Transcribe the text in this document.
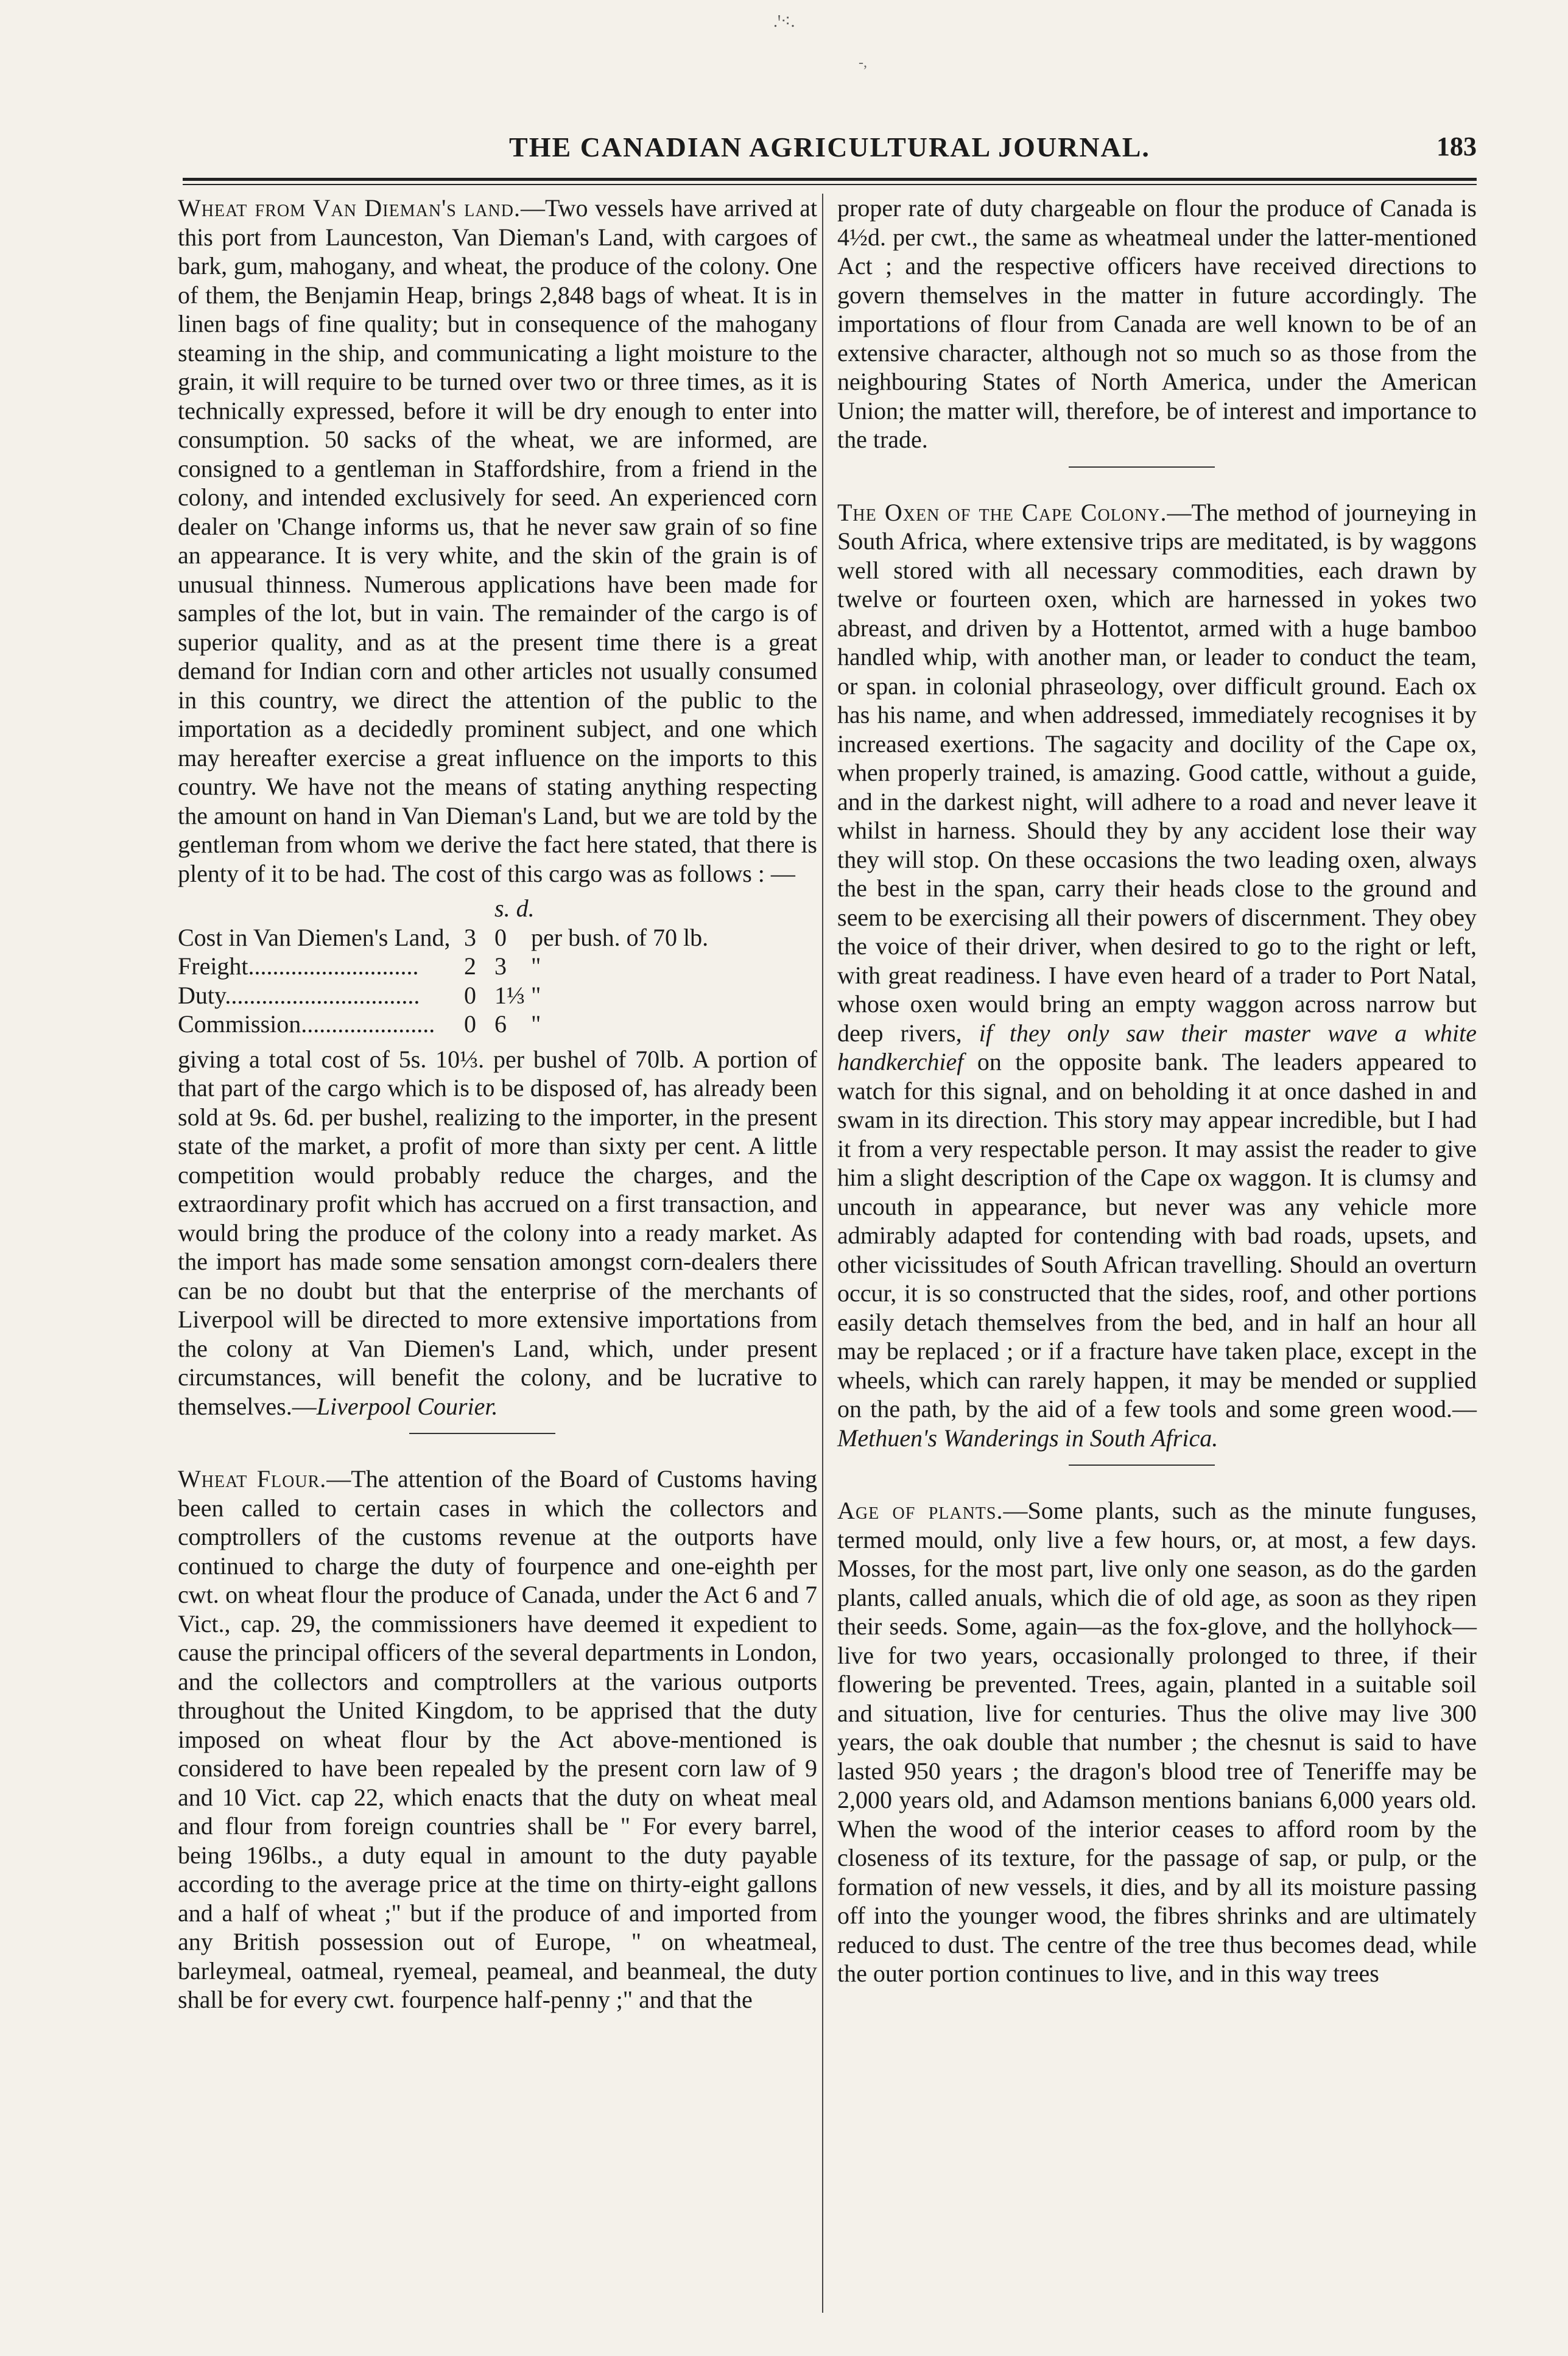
.ꞌ⁖.
-,
THE CANADIAN AGRICULTURAL JOURNAL.	183

Wheat from Van Dieman's land.—Two vessels have arrived at this port from Launceston, Van Dieman's Land, with cargoes of bark, gum, mahogany, and wheat, the produce of the colony. One of them, the Benjamin Heap, brings 2,848 bags of wheat. It is in linen bags of fine quality; but in consequence of the mahogany steaming in the ship, and communicating a light moisture to the grain, it will require to be turned over two or three times, as it is technically expressed, before it will be dry enough to enter into consumption. 50 sacks of the wheat, we are informed, are consigned to a gentleman in Staffordshire, from a friend in the colony, and intended exclusively for seed. An experienced corn dealer on 'Change informs us, that he never saw grain of so fine an appearance. It is very white, and the skin of the grain is of unusual thinness. Numerous applications have been made for samples of the lot, but in vain. The remainder of the cargo is of superior quality, and as at the present time there is a great demand for Indian corn and other articles not usually consumed in this country, we direct the attention of the public to the importation as a decidedly prominent subject, and one which may hereafter exercise a great influence on the imports to this country. We have not the means of stating anything respecting the amount on hand in Van Dieman's Land, but we are told by the gentleman from whom we derive the fact here stated, that there is plenty of it to be had. The cost of this cargo was as follows : —

s. d.
Cost in Van Diemen's Land, 3 0	per bush. of 70 lb.
Freight............................	2 3	"
Duty................................	0 1⅓ "
Commission......................	0 6	"

giving a total cost of 5s. 10⅓. per bushel of 70lb. A portion of that part of the cargo which is to be disposed of, has already been sold at 9s. 6d. per bushel, realizing to the importer, in the present state of the market, a profit of more than sixty per cent. A little competition would probably reduce the charges, and the extraordinary profit which has accrued on a first transaction, and would bring the produce of the colony into a ready market. As the import has made some sensation amongst corn-dealers there can be no doubt but that the enterprise of the merchants of Liverpool will be directed to more extensive importations from the colony at Van Diemen's Land, which, under present circumstances, will benefit the colony, and be lucrative to themselves.—Liverpool Courier.

Wheat Flour.—The attention of the Board of Customs having been called to certain cases in which the collectors and comptrollers of the customs revenue at the outports have continued to charge the duty of fourpence and one-eighth per cwt. on wheat flour the produce of Canada, under the Act 6 and 7 Vict., cap. 29, the commissioners have deemed it expedient to cause the principal officers of the several departments in London, and the collectors and comptrollers at the various outports throughout the United Kingdom, to be apprised that the duty imposed on wheat flour by the Act above-mentioned is considered to have been repealed by the present corn law of 9 and 10 Vict. cap 22, which enacts that the duty on wheat meal and flour from foreign countries shall be " For every barrel, being 196lbs., a duty equal in amount to the duty payable according to the average price at the time on thirty-eight gallons and a half of wheat ;" but if the produce of and imported from any British possession out of Europe, " on wheatmeal, barleymeal, oatmeal, ryemeal, peameal, and beanmeal, the duty shall be for every cwt. fourpence half-penny ;" and that the

proper rate of duty chargeable on flour the produce of Canada is 4½d. per cwt., the same as wheatmeal under the latter-mentioned Act ; and the respective officers have received directions to govern themselves in the matter in future accordingly. The importations of flour from Canada are well known to be of an extensive character, although not so much so as those from the neighbouring States of North America, under the American Union; the matter will, therefore, be of interest and importance to the trade.

The Oxen of the Cape Colony.—The method of journeying in South Africa, where extensive trips are meditated, is by waggons well stored with all necessary commodities, each drawn by twelve or fourteen oxen, which are harnessed in yokes two abreast, and driven by a Hottentot, armed with a huge bamboo handled whip, with another man, or leader to conduct the team, or span. in colonial phraseology, over difficult ground. Each ox has his name, and when addressed, immediately recognises it by increased exertions. The sagacity and docility of the Cape ox, when properly trained, is amazing. Good cattle, without a guide, and in the darkest night, will adhere to a road and never leave it whilst in harness. Should they by any accident lose their way they will stop. On these occasions the two leading oxen, always the best in the span, carry their heads close to the ground and seem to be exercising all their powers of discernment. They obey the voice of their driver, when desired to go to the right or left, with great readiness. I have even heard of a trader to Port Natal, whose oxen would bring an empty waggon across narrow but deep rivers, if they only saw their master wave a white handkerchief on the opposite bank. The leaders appeared to watch for this signal, and on beholding it at once dashed in and swam in its direction. This story may appear incredible, but I had it from a very respectable person. It may assist the reader to give him a slight description of the Cape ox waggon. It is clumsy and uncouth in appearance, but never was any vehicle more admirably adapted for contending with bad roads, upsets, and other vicissitudes of South African travelling. Should an overturn occur, it is so constructed that the sides, roof, and other portions easily detach themselves from the bed, and in half an hour all may be replaced ; or if a fracture have taken place, except in the wheels, which can rarely happen, it may be mended or supplied on the path, by the aid of a few tools and some green wood.—Methuen's Wanderings in South Africa.

Age of plants.—Some plants, such as the minute funguses, termed mould, only live a few hours, or, at most, a few days. Mosses, for the most part, live only one season, as do the garden plants, called anuals, which die of old age, as soon as they ripen their seeds. Some, again—as the fox-glove, and the hollyhock—live for two years, occasionally prolonged to three, if their flowering be prevented. Trees, again, planted in a suitable soil and situation, live for centuries. Thus the olive may live 300 years, the oak double that number ; the chesnut is said to have lasted 950 years ; the dragon's blood tree of Teneriffe may be 2,000 years old, and Adamson mentions banians 6,000 years old. When the wood of the interior ceases to afford room by the closeness of its texture, for the passage of sap, or pulp, or the formation of new vessels, it dies, and by all its moisture passing off into the younger wood, the fibres shrinks and are ultimately reduced to dust. The centre of the tree thus becomes dead, while the outer portion continues to live, and in this way trees
